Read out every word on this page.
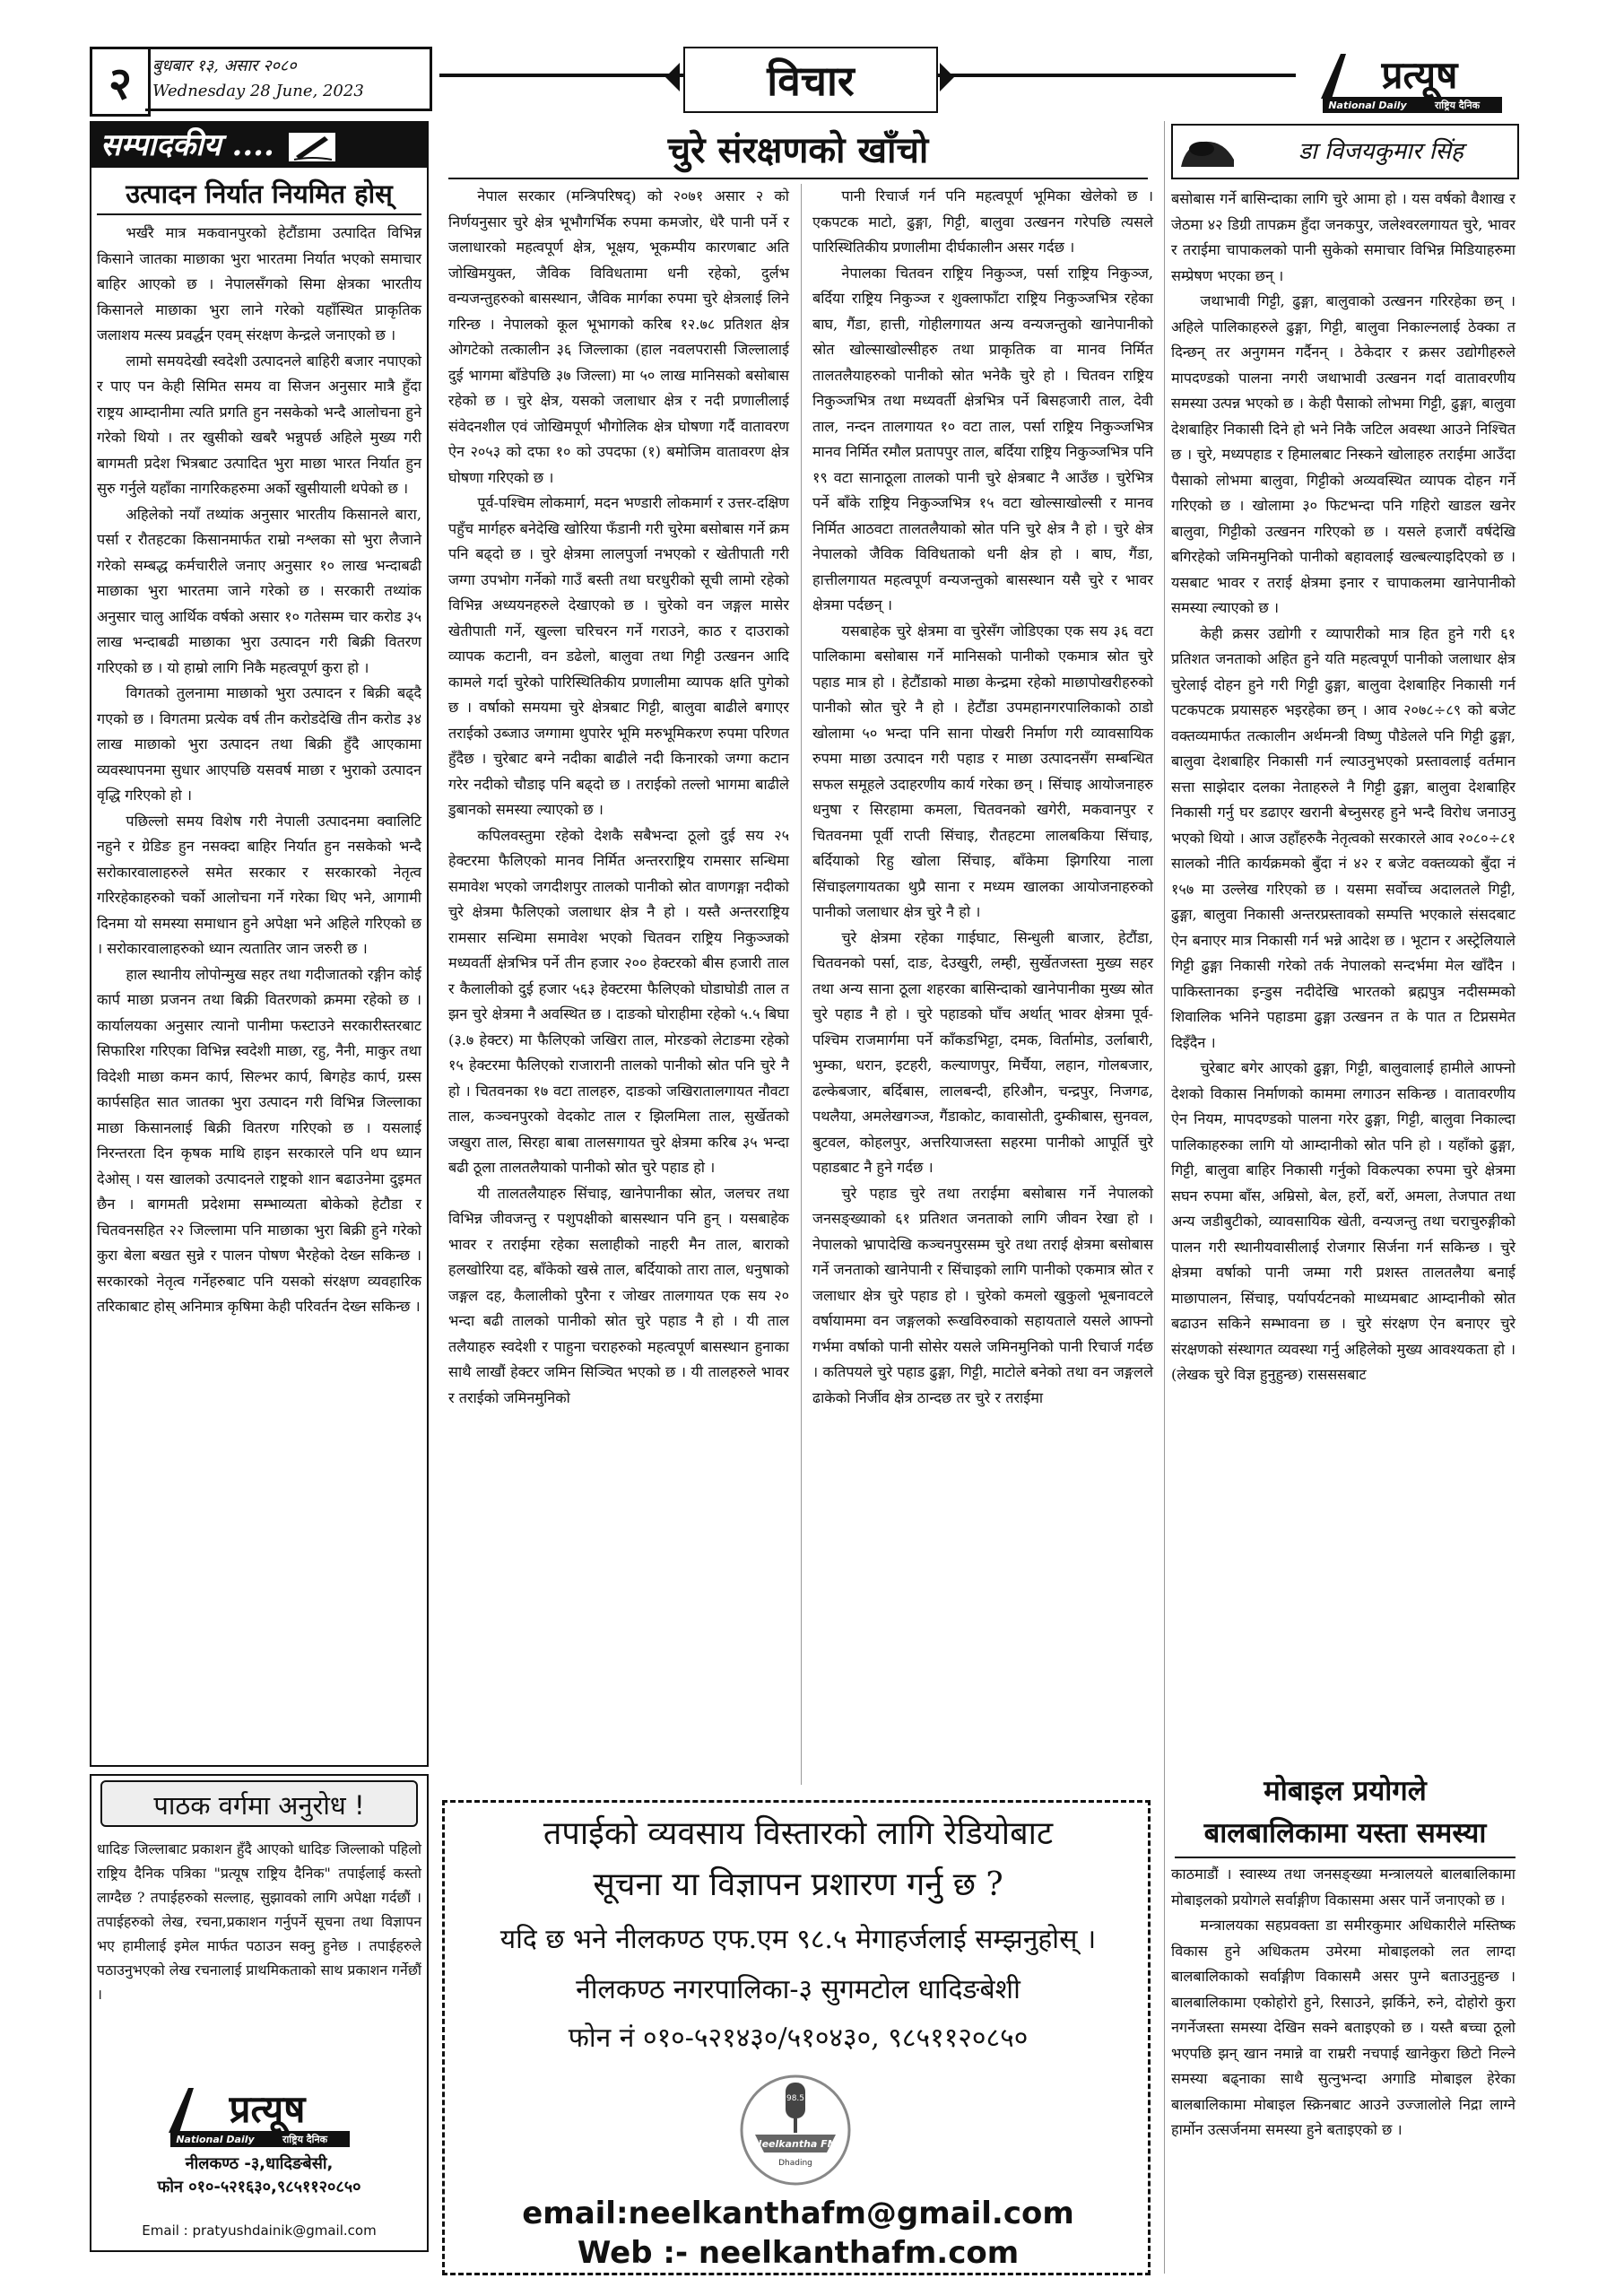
२	बुधबार १३, असार २०८०
Wednesday 28 June, 2023	विचार	प्रत्यूष
National Daily	राष्ट्रिय दैनिक
सम्पादकीय ....
उत्पादन निर्यात नियमित होस्

भर्खरै मात्र मकवानपुरको हेटौंडामा उत्पादित विभिन्न किसाने जातका माछाका भुरा भारतमा निर्यात भएको समाचार बाहिर आएको छ । नेपालसँगको सिमा क्षेत्रका भारतीय किसानले माछाका भुरा लाने गरेको यहाँस्थित प्राकृतिक जलाशय मत्स्य प्रवर्द्धन एवम् संरक्षण केन्द्रले जनाएको छ ।

लामो समयदेखी स्वदेशी उत्पादनले बाहिरी बजार नपाएको र पाए पन केही सिमित समय वा सिजन अनुसार मात्रै हुँदा राष्ट्रय आम्दानीमा त्यति प्रगति हुन नसकेको भन्दै आलोचना हुने गरेको थियो । तर खुसीको खबरै भन्नुपर्छ अहिले मुख्य गरी बागमती प्रदेश भित्रबाट उत्पादित भुरा माछा भारत निर्यात हुन सुरु गर्नुले यहाँका नागरिकहरुमा अर्को खुसीयाली थपेको छ ।

अहिलेको नयाँ तथ्यांक अनुसार भारतीय किसानले बारा, पर्सा र रौतहटका किसानमार्फत राम्रो नश्लका सो भुरा लैजाने गरेको सम्बद्ध कर्मचारीले जनाए अनुसार १० लाख भन्दाबढी माछाका भुरा भारतमा जाने गरेको छ । सरकारी तथ्यांक अनुसार चालु आर्थिक वर्षको असार १० गतेसम्म चार करोड ३५ लाख भन्दाबढी माछाका भुरा उत्पादन गरी बिक्री वितरण गरिएको छ । यो हाम्रो लागि निकै महत्वपूर्ण कुरा हो ।

विगतको तुलनामा माछाको भुरा उत्पादन र बिक्री बढ्दै गएको छ । विगतमा प्रत्येक वर्ष तीन करोडदेखि तीन करोड ३४ लाख माछाको भुरा उत्पादन तथा बिक्री हुँदै आएकामा व्यवस्थापनमा सुधार आएपछि यसवर्ष माछा र भुराको उत्पादन वृद्धि गरिएको हो ।

पछिल्लो समय विशेष गरी नेपाली उत्पादनमा क्वालिटि नहुने र ग्रेडिङ हुन नसक्दा बाहिर निर्यात हुन नसकेको भन्दै सरोकारवालाहरुले समेत सरकार र सरकारको नेतृत्व गरिरहेकाहरुको चर्को आलोचना गर्ने गरेका थिए भने, आगामी दिनमा यो समस्या समाधान हुने अपेक्षा भने अहिले गरिएको छ । सरोकारवालाहरुको ध्यान त्यतातिर जान जरुरी छ ।

हाल स्थानीय लोपोन्मुख सहर तथा गदीजातको रङ्गीन कोई कार्प माछा प्रजनन तथा बिक्री वितरणको क्रममा रहेको छ । कार्यालयका अनुसार त्यानो पानीमा फस्टाउने सरकारीस्तरबाट सिफारिश गरिएका विभिन्न स्वदेशी माछा, रहु, नैनी, माकुर तथा विदेशी माछा कमन कार्प, सिल्भर कार्प, बिगहेड कार्प, ग्रस्स कार्पसहित सात जातका भुरा उत्पादन गरी विभिन्न जिल्लाका माछा किसानलाई बिक्री वितरण गरिएको छ । यसलाई निरन्तरता दिन कृषक माथि हाइन सरकारले पनि थप ध्यान देओस् । यस खालको उत्पादनले राष्ट्रको शान बढाउनेमा दुइमत छैन । बागमती प्रदेशमा सम्भाव्यता बोकेको हेटौडा र चितवनसहित २२ जिल्लामा पनि माछाका भुरा बिक्री हुने गरेको कुरा बेला बखत सुन्ने र पालन पोषण भैरहेको देख्न सकिन्छ । सरकारको नेतृत्व गर्नेहरुबाट पनि यसको संरक्षण व्यवहारिक तरिकाबाट होस् अनिमात्र कृषिमा केही परिवर्तन देख्न सकिन्छ ।

पाठक वर्गमा अनुरोध !
धादिङ जिल्लाबाट प्रकाशन हुँदै आएको धादिङ जिल्लाको पहिलो राष्ट्रिय दैनिक पत्रिका "प्रत्यूष राष्ट्रिय दैनिक" तपाईलाई कस्तो लाग्दैछ ? तपाईहरुको सल्लाह, सुझावको लागि अपेक्षा गर्दछौं । तपाईहरुको लेख, रचना,प्रकाशन गर्नुपर्ने सूचना तथा विज्ञापन भए हामीलाई इमेल मार्फत पठाउन सक्नु हुनेछ । तपाईहरुले पठाउनुभएको लेख रचनालाई प्राथमिकताको साथ प्रकाशन गर्नेछौं ।
प्रत्यूष
National Daily	राष्ट्रिय दैनिक
नीलकण्ठ -३,धादिङबेसी,
फोन ०१०-५२१६३०,९८५११२०८५०
Email : pratyushdainik@gmail.com
चुरे संरक्षणको खाँचो

नेपाल सरकार (मन्त्रिपरिषद्) को २०७१ असार २ को निर्णयनुसार चुरे क्षेत्र भूभौगर्भिक रुपमा कमजोर, धेरै पानी पर्ने र जलाधारको महत्वपूर्ण क्षेत्र, भूक्षय, भूकम्पीय कारणबाट अति जोखिमयुक्त, जैविक विविधतामा धनी रहेको, दुर्लभ वन्यजन्तुहरुको बासस्थान, जैविक मार्गका रुपमा चुरे क्षेत्रलाई लिने गरिन्छ । नेपालको कूल भूभागको करिब १२.७८ प्रतिशत क्षेत्र ओगटेको तत्कालीन ३६ जिल्लाका (हाल नवलपरासी जिल्लालाई दुई भागमा बाँडेपछि ३७ जिल्ला) मा ५० लाख मानिसको बसोबास रहेको छ । चुरे क्षेत्र, यसको जलाधार क्षेत्र र नदी प्रणालीलाई संवेदनशील एवं जोखिमपूर्ण भौगोलिक क्षेत्र घोषणा गर्दै वातावरण ऐन २०५३ को दफा १० को उपदफा (१) बमोजिम वातावरण क्षेत्र घोषणा गरिएको छ ।

पूर्व-पश्चिम लोकमार्ग, मदन भण्डारी लोकमार्ग र उत्तर-दक्षिण पहुँच मार्गहरु बनेदेखि खोरिया फँडानी गरी चुरेमा बसोबास गर्ने क्रम पनि बढ्दो छ । चुरे क्षेत्रमा लालपुर्जा नभएको र खेतीपाती गरी जग्गा उपभोग गर्नेको गाउँ बस्ती तथा घरधुरीको सूची लामो रहेको विभिन्न अध्ययनहरुले देखाएको छ । चुरेको वन जङ्गल मासेर खेतीपाती गर्ने, खुल्ला चरिचरन गर्ने गराउने, काठ र दाउराको व्यापक कटानी, वन डढेलो, बालुवा तथा गिट्टी उत्खनन आदि कामले गर्दा चुरेको पारिस्थितिकीय प्रणालीमा व्यापक क्षति पुगेको छ । वर्षाको समयमा चुरे क्षेत्रबाट गिट्टी, बालुवा बाढीले बगाएर तराईको उब्जाउ जग्गामा थुपारेर भूमि मरुभूमिकरण रुपमा परिणत हुँदैछ । चुरेबाट बग्ने नदीका बाढीले नदी किनारको जग्गा कटान गरेर नदीको चौडाइ पनि बढ्दो छ । तराईको तल्लो भागमा बाढीले डुबानको समस्या ल्याएको छ ।

कपिलवस्तुमा रहेको देशकै सबैभन्दा ठूलो दुई सय २५ हेक्टरमा फैलिएको मानव निर्मित अन्तरराष्ट्रिय रामसार सन्धिमा समावेश भएको जगदीशपुर तालको पानीको स्रोत वाणगङ्गा नदीको चुरे क्षेत्रमा फैलिएको जलाधार क्षेत्र नै हो । यस्तै अन्तरराष्ट्रिय रामसार सन्धिमा समावेश भएको चितवन राष्ट्रिय निकुञ्जको मध्यवर्ती क्षेत्रभित्र पर्ने तीन हजार २०० हेक्टरको बीस हजारी ताल र कैलालीको दुई हजार ५६३ हेक्टरमा फैलिएको घोडाघोडी ताल त झन चुरे क्षेत्रमा नै अवस्थित छ । दाङको घोराहीमा रहेको ५.५ बिघा (३.७ हेक्टर) मा फैलिएको जखिरा ताल, मोरङको लेटाङमा रहेको १५ हेक्टरमा फैलिएको राजारानी तालको पानीको स्रोत पनि चुरे नै हो । चितवनका १७ वटा तालहरु, दाङको जखिरातालगायत नौवटा ताल, कञ्चनपुरको वेदकोट ताल र झिलमिला ताल, सुर्खेतको जखुरा ताल, सिरहा बाबा तालसगायत चुरे क्षेत्रमा करिब ३५ भन्दा बढी ठूला तालतलैयाको पानीको स्रोत चुरे पहाड हो ।

यी तालतलैयाहरु सिंचाइ, खानेपानीका स्रोत, जलचर तथा विभिन्न जीवजन्तु र पशुपक्षीको बासस्थान पनि हुन् । यसबाहेक भावर र तराईमा रहेका सलाहीको नाहरी मैन ताल, बाराको हलखोरिया दह, बाँकेको खस्रे ताल, बर्दियाको तारा ताल, धनुषाको जङ्गल दह, कैलालीको पुरैना र जोखर तालगायत एक सय २० भन्दा बढी तालको पानीको स्रोत चुरे पहाड नै हो । यी ताल तलैयाहरु स्वदेशी र पाहुना चराहरुको महत्वपूर्ण बासस्थान हुनाका साथै लाखौं हेक्टर जमिन सिञ्चित भएको छ । यी तालहरुले भावर र तराईको जमिनमुनिको

पानी रिचार्ज गर्न पनि महत्वपूर्ण भूमिका खेलेको छ । एकपटक माटो, ढुङ्गा, गिट्टी, बालुवा उत्खनन गरेपछि त्यसले पारिस्थितिकीय प्रणालीमा दीर्घकालीन असर गर्दछ ।

नेपालका चितवन राष्ट्रिय निकुञ्ज, पर्सा राष्ट्रिय निकुञ्ज, बर्दिया राष्ट्रिय निकुञ्ज र शुक्लाफाँटा राष्ट्रिय निकुञ्जभित्र रहेका बाघ, गैंडा, हात्ती, गोहीलगायत अन्य वन्यजन्तुको खानेपानीको स्रोत खोल्साखोल्सीहरु तथा प्राकृतिक वा मानव निर्मित तालतलैयाहरुको पानीको स्रोत भनेकै चुरे हो । चितवन राष्ट्रिय निकुञ्जभित्र तथा मध्यवर्ती क्षेत्रभित्र पर्ने बिसहजारी ताल, देवी ताल, नन्दन तालगायत १० वटा ताल, पर्सा राष्ट्रिय निकुञ्जभित्र मानव निर्मित रमौल प्रतापपुर ताल, बर्दिया राष्ट्रिय निकुञ्जभित्र पनि १९ वटा सानाठूला तालको पानी चुरे क्षेत्रबाट नै आउँछ । चुरेभित्र पर्ने बाँके राष्ट्रिय निकुञ्जभित्र १५ वटा खोल्साखोल्सी र मानव निर्मित आठवटा तालतलैयाको स्रोत पनि चुरे क्षेत्र नै हो । चुरे क्षेत्र नेपालको जैविक विविधताको धनी क्षेत्र हो । बाघ, गैंडा, हात्तीलगायत महत्वपूर्ण वन्यजन्तुको बासस्थान यसै चुरे र भावर क्षेत्रमा पर्दछन् ।

यसबाहेक चुरे क्षेत्रमा वा चुरेसँग जोडिएका एक सय ३६ वटा पालिकामा बसोबास गर्ने मानिसको पानीको एकमात्र स्रोत चुरे पहाड मात्र हो । हेटौंडाको माछा केन्द्रमा रहेको माछापोखरीहरुको पानीको स्रोत चुरे नै हो । हेटौंडा उपमहानगरपालिकाको ठाडो खोलामा ५० भन्दा पनि साना पोखरी निर्माण गरी व्यावसायिक रुपमा माछा उत्पादन गरी पहाड र माछा उत्पादनसँग सम्बन्धित सफल समूहले उदाहरणीय कार्य गरेका छन् । सिंचाइ आयोजनाहरु धनुषा र सिरहामा कमला, चितवनको खगेरी, मकवानपुर र चितवनमा पूर्वी राप्ती सिंचाइ, रौतहटमा लालबकिया सिंचाइ, बर्दियाको रिहु खोला सिंचाइ, बाँकेमा झिगरिया नाला सिंचाइलगायतका थुप्रै साना र मध्यम खालका आयोजनाहरुको पानीको जलाधार क्षेत्र चुरे नै हो ।

चुरे क्षेत्रमा रहेका गाईघाट, सिन्धुली बाजार, हेटौंडा, चितवनको पर्सा, दाङ, देउखुरी, लम्ही, सुर्खेतजस्ता मुख्य सहर तथा अन्य साना ठूला शहरका बासिन्दाको खानेपानीका मुख्य स्रोत चुरे पहाड नै हो । चुरे पहाडको घाँच अर्थात् भावर क्षेत्रमा पूर्व-पश्चिम राजमार्गमा पर्ने काँकडभिट्टा, दमक, विर्तामोड, उर्लाबारी, भुम्का, धरान, इटहरी, कल्याणपुर, मिर्चैया, लहान, गोलबजार, ढल्केबजार, बर्दिबास, लालबन्दी, हरिऔन, चन्द्रपुर, निजगढ, पथलैया, अमलेखगञ्ज, गैंडाकोट, कावासोती, दुम्कीबास, सुनवल, बुटवल, कोहलपुर, अत्तरियाजस्ता सहरमा पानीको आपूर्ति चुरे पहाडबाट नै हुने गर्दछ ।

चुरे पहाड चुरे तथा तराईमा बसोबास गर्ने नेपालको जनसङ्ख्याको ६१ प्रतिशत जनताको लागि जीवन रेखा हो । नेपालको भ्रापादेखि कञ्चनपुरसम्म चुरे तथा तराई क्षेत्रमा बसोबास गर्ने जनताको खानेपानी र सिंचाइको लागि पानीको एकमात्र स्रोत र जलाधार क्षेत्र चुरे पहाड हो । चुरेको कमलो खुकुलो भूबनावटले वर्षायाममा वन जङ्गलको रूखविरुवाको सहायताले यसले आफ्नो गर्भमा वर्षाको पानी सोसेर यसले जमिनमुनिको पानी रिचार्ज गर्दछ । कतिपयले चुरे पहाड ढुङ्गा, गिट्टी, माटोले बनेको तथा वन जङ्गलले ढाकेको निर्जीव क्षेत्र ठान्दछ तर चुरे र तराईमा

तपाईको व्यवसाय विस्तारको लागि रेडियोबाट
सूचना या विज्ञापन प्रशारण गर्नु छ ?
यदि छ भने नीलकण्ठ एफ.एम ९८.५ मेगाहर्जलाई सम्झनुहोस् ।
नीलकण्ठ नगरपालिका-३ सुगमटोल धादिङबेशी
फोन नं ०१०-५२१४३०/५१०४३०, ९८५११२०८५०
98.5
Neelkantha FM
Dhading
email:neelkanthafm@gmail.com
Web :- neelkanthafm.com
डा विजयकुमार सिंह

बसोबास गर्ने बासिन्दाका लागि चुरे आमा हो । यस वर्षको वैशाख र जेठमा ४२ डिग्री तापक्रम हुँदा जनकपुर, जलेश्वरलगायत चुरे, भावर र तराईमा चापाकलको पानी सुकेको समाचार विभिन्न मिडियाहरुमा सम्प्रेषण भएका छन् ।

जथाभावी गिट्टी, ढुङ्गा, बालुवाको उत्खनन गरिरहेका छन् । अहिले पालिकाहरुले ढुङ्गा, गिट्टी, बालुवा निकाल्नलाई ठेक्का त दिन्छन् तर अनुगमन गर्दैनन् । ठेकेदार र क्रसर उद्योगीहरुले मापदण्डको पालना नगरी जथाभावी उत्खनन गर्दा वातावरणीय समस्या उत्पन्न भएको छ । केही पैसाको लोभमा गिट्टी, ढुङ्गा, बालुवा देशबाहिर निकासी दिने हो भने निकै जटिल अवस्था आउने निश्चित छ । चुरे, मध्यपहाड र हिमालबाट निस्कने खोलाहरु तराईमा आउँदा पैसाको लोभमा बालुवा, गिट्टीको अव्यवस्थित व्यापक दोहन गर्ने गरिएको छ । खोलामा ३० फिटभन्दा पनि गहिरो खाडल खनेर बालुवा, गिट्टीको उत्खनन गरिएको छ । यसले हजारौं वर्षदेखि बगिरहेको जमिनमुनिको पानीको बहावलाई खल्बल्याइदिएको छ । यसबाट भावर र तराई क्षेत्रमा इनार र चापाकलमा खानेपानीको समस्या ल्याएको छ ।

केही क्रसर उद्योगी र व्यापारीको मात्र हित हुने गरी ६१ प्रतिशत जनताको अहित हुने यति महत्वपूर्ण पानीको जलाधार क्षेत्र चुरेलाई दोहन हुने गरी गिट्टी ढुङ्गा, बालुवा देशबाहिर निकासी गर्न पटकपटक प्रयासहरु भइरहेका छन् । आव २०७८÷८९ को बजेट वक्तव्यमार्फत तत्कालीन अर्थमन्त्री विष्णु पौडेलले पनि गिट्टी ढुङ्गा, बालुवा देशबाहिर निकासी गर्न ल्याउनुभएको प्रस्तावलाई वर्तमान सत्ता साझेदार दलका नेताहरुले नै गिट्टी ढुङ्गा, बालुवा देशबाहिर निकासी गर्नु घर डढाएर खरानी बेच्नुसरह हुने भन्दै विरोध जनाउनु भएको थियो । आज उहाँहरुकै नेतृत्वको सरकारले आव २०८०÷८१ सालको नीति कार्यक्रमको बुँदा नं ४२ र बजेट वक्तव्यको बुँदा नं १५७ मा उल्लेख गरिएको छ । यसमा सर्वोच्च अदालतले गिट्टी, ढुङ्गा, बालुवा निकासी अन्तरप्रस्तावको सम्पत्ति भएकाले संसदबाट ऐन बनाएर मात्र निकासी गर्न भन्ने आदेश छ । भूटान र अस्ट्रेलियाले गिट्टी ढुङ्गा निकासी गरेको तर्क नेपालको सन्दर्भमा मेल खाँदैन । पाकिस्तानका इन्डुस नदीदेखि भारतको ब्रह्मपुत्र नदीसम्मको शिवालिक भनिने पहाडमा ढुङ्गा उत्खनन त के पात त टिप्नसमेत दिइँदैन ।

चुरेबाट बगेर आएको ढुङ्गा, गिट्टी, बालुवालाई हामीले आफ्नो देशको विकास निर्माणको काममा लगाउन सकिन्छ । वातावरणीय ऐन नियम, मापदण्डको पालना गरेर ढुङ्गा, गिट्टी, बालुवा निकाल्दा पालिकाहरुका लागि यो आम्दानीको स्रोत पनि हो । यहाँको ढुङ्गा, गिट्टी, बालुवा बाहिर निकासी गर्नुको विकल्पका रुपमा चुरे क्षेत्रमा सघन रुपमा बाँस, अम्रिसो, बेल, हर्रो, बर्रो, अमला, तेजपात तथा अन्य जडीबुटीको, व्यावसायिक खेती, वन्यजन्तु तथा चराचुरुङ्गीको पालन गरी स्थानीयवासीलाई रोजगार सिर्जना गर्न सकिन्छ । चुरे क्षेत्रमा वर्षाको पानी जम्मा गरी प्रशस्त तालतलैया बनाई माछापालन, सिंचाइ, पर्यापर्यटनको माध्यमबाट आम्दानीको स्रोत बढाउन सकिने सम्भावना छ । चुरे संरक्षण ऐन बनाएर चुरे संरक्षणको संस्थागत व्यवस्था गर्नु अहिलेको मुख्य आवश्यकता हो । (लेखक चुरे विज्ञ हुनुहुन्छ) रासससबाट

मोबाइल प्रयोगले
बालबालिकामा यस्ता समस्या

काठमाडौं । स्वास्थ्य तथा जनसङ्ख्या मन्त्रालयले बालबालिकामा मोबाइलको प्रयोगले सर्वाङ्गीण विकासमा असर पार्ने जनाएको छ ।

मन्त्रालयका सहप्रवक्ता डा समीरकुमार अधिकारीले मस्तिष्क विकास हुने अधिकतम उमेरमा मोबाइलको लत लाग्दा बालबालिकाको सर्वाङ्गीण विकासमै असर पुग्ने बताउनुहुन्छ । बालबालिकामा एकोहोरो हुने, रिसाउने, झर्किने, रुने, दोहोरो कुरा नगर्नेजस्ता समस्या देखिन सक्ने बताइएको छ । यस्तै बच्चा ठूलो भएपछि झन् खान नमान्ने वा राम्ररी नचपाई खानेकुरा छिटो निल्ने समस्या बढ्नाका साथै सुत्नुभन्दा अगाडि मोबाइल हेरेका बालबालिकामा मोबाइल स्क्रिनबाट आउने उज्जालोले निद्रा लाग्ने हार्मोन उत्सर्जनमा समस्या हुने बताइएको छ ।
